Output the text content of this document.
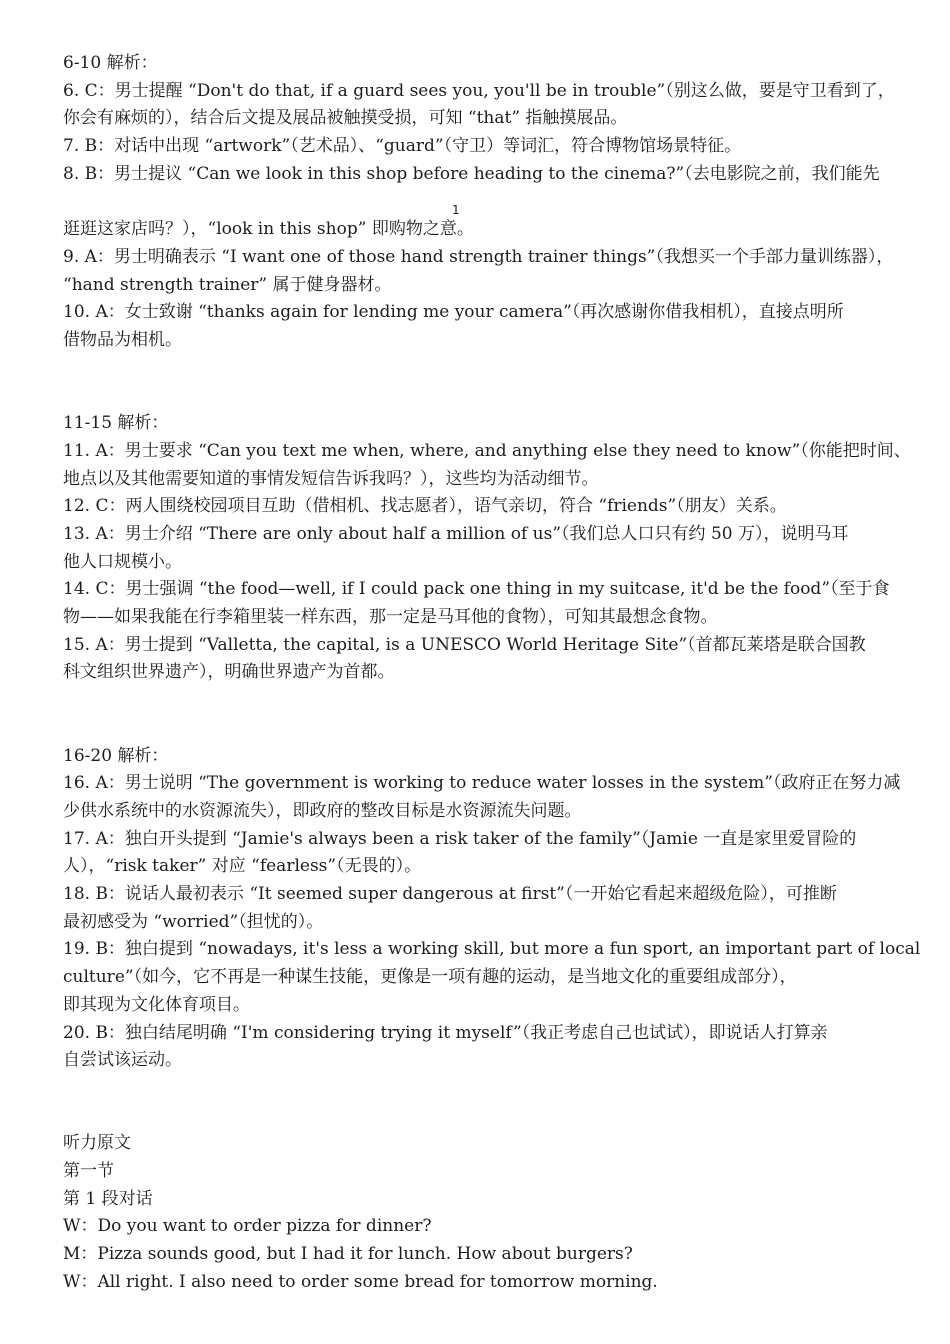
1
6-10 解析：
6. C：男士提醒 “Don't do that, if a guard sees you, you'll be in trouble”（别这么做，要是守卫看到了，
你会有麻烦的），结合后文提及展品被触摸受损，可知 “that” 指触摸展品。
7. B：对话中出现 “artwork”（艺术品）、“guard”（守卫）等词汇，符合博物馆场景特征。
8. B：男士提议 “Can we look in this shop before heading to the cinema?”（去电影院之前，我们能先
逛逛这家店吗？），“look in this shop” 即购物之意。
9. A：男士明确表示 “I want one of those hand strength trainer things”（我想买一个手部力量训练器），
“hand strength trainer” 属于健身器材。
10. A：女士致谢 “thanks again for lending me your camera”（再次感谢你借我相机），直接点明所
借物品为相机。
11-15 解析：
11. A：男士要求 “Can you text me when, where, and anything else they need to know”（你能把时间、
地点以及其他需要知道的事情发短信告诉我吗？），这些均为活动细节。
12. C：两人围绕校园项目互助（借相机、找志愿者），语气亲切，符合 “friends”（朋友）关系。
13. A：男士介绍 “There are only about half a million of us”（我们总人口只有约 50 万），说明马耳
他人口规模小。
14. C：男士强调 “the food—well, if I could pack one thing in my suitcase, it'd be the food”（至于食
物——如果我能在行李箱里装一样东西，那一定是马耳他的食物），可知其最想念食物。
15. A：男士提到 “Valletta, the capital, is a UNESCO World Heritage Site”（首都瓦莱塔是联合国教
科文组织世界遗产），明确世界遗产为首都。
16-20 解析：
16. A：男士说明 “The government is working to reduce water losses in the system”（政府正在努力减
少供水系统中的水资源流失），即政府的整改目标是水资源流失问题。
17. A：独白开头提到 “Jamie's always been a risk taker of the family”（Jamie 一直是家里爱冒险的
人），“risk taker” 对应 “fearless”（无畏的）。
18. B：说话人最初表示 “It seemed super dangerous at first”（一开始它看起来超级危险），可推断
最初感受为 “worried”（担忧的）。
19. B：独白提到 “nowadays, it's less a working skill, but more a fun sport, an important part of local
culture”（如今，它不再是一种谋生技能，更像是一项有趣的运动，是当地文化的重要组成部分），
即其现为文化体育项目。
20. B：独白结尾明确 “I'm considering trying it myself”（我正考虑自己也试试），即说话人打算亲
自尝试该运动。
听力原文
第一节
第 1 段对话
W：Do you want to order pizza for dinner?
M：Pizza sounds good, but I had it for lunch. How about burgers?
W：All right. I also need to order some bread for tomorrow morning.
